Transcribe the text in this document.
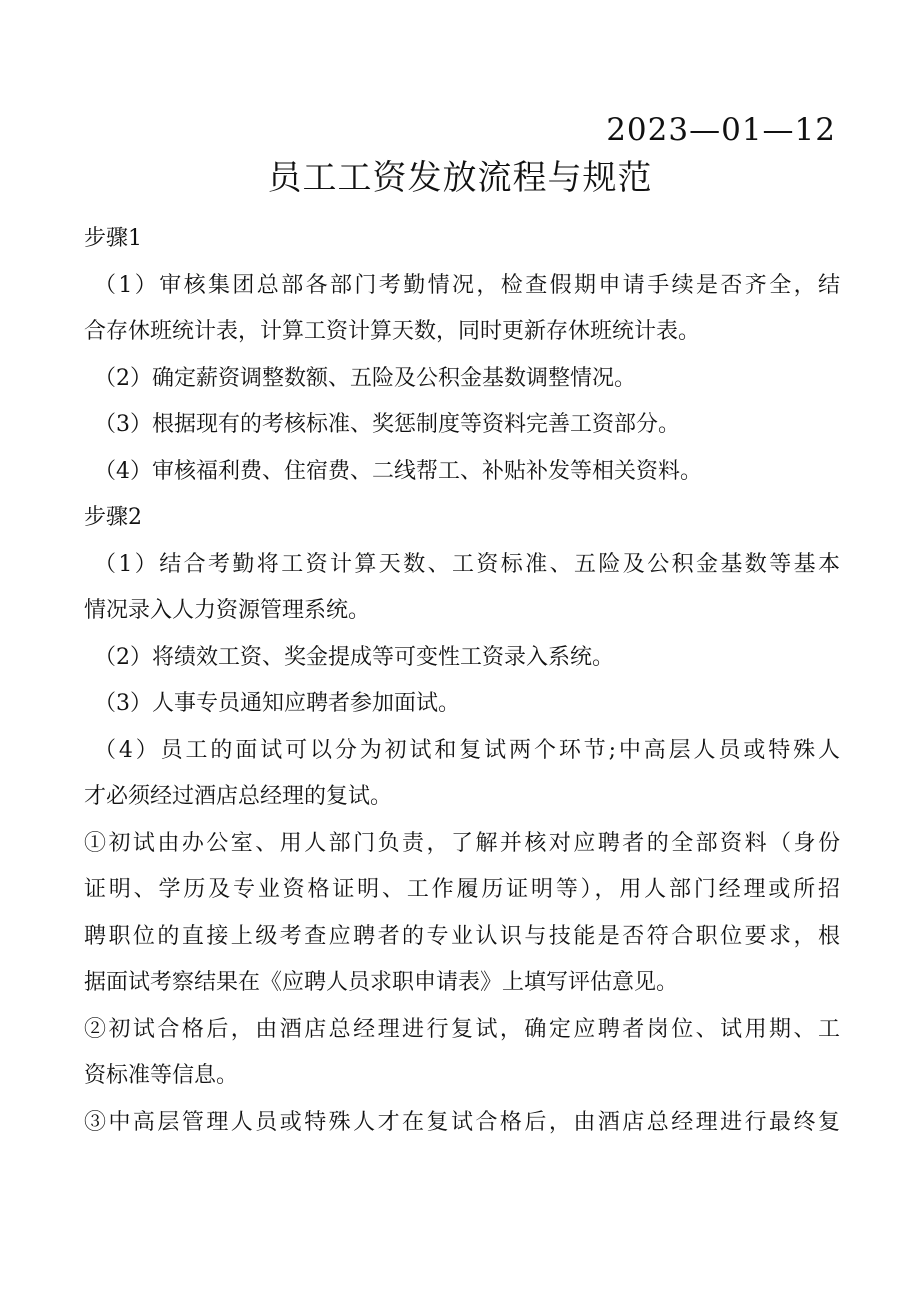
2023—01—12
员工工资发放流程与规范
步骤1
（1）审核集团总部各部门考勤情况，检查假期申请手续是否齐全，结
合存休班统计表，计算工资计算天数，同时更新存休班统计表。
（2）确定薪资调整数额、五险及公积金基数调整情况。
（3）根据现有的考核标准、奖惩制度等资料完善工资部分。
（4）审核福利费、住宿费、二线帮工、补贴补发等相关资料。
步骤2
（1）结合考勤将工资计算天数、工资标准、五险及公积金基数等基本
情况录入人力资源管理系统。
（2）将绩效工资、奖金提成等可变性工资录入系统。
（3）人事专员通知应聘者参加面试。
（4）员工的面试可以分为初试和复试两个环节;中高层人员或特殊人
才必须经过酒店总经理的复试。
①初试由办公室、用人部门负责，了解并核对应聘者的全部资料（身份
证明、学历及专业资格证明、工作履历证明等），用人部门经理或所招
聘职位的直接上级考查应聘者的专业认识与技能是否符合职位要求，根
据面试考察结果在《应聘人员求职申请表》上填写评估意见。
②初试合格后，由酒店总经理进行复试，确定应聘者岗位、试用期、工
资标准等信息。
③中高层管理人员或特殊人才在复试合格后，由酒店总经理进行最终复
